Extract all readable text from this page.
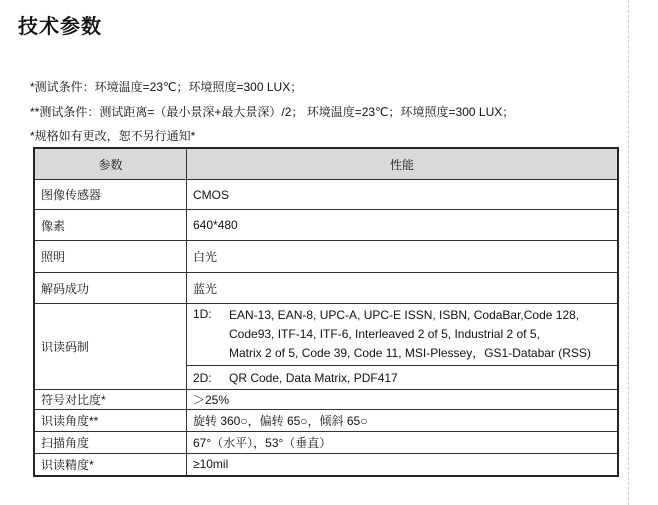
技术参数
*测试条件：环境温度=23℃；环境照度=300 LUX；
**测试条件：测试距离=（最小景深+最大景深）/2； 环境温度=23℃；环境照度=300 LUX；
*规格如有更改，恕不另行通知*
参数	性能
图像传感器	CMOS
像素	640*480
照明	白光
解码成功	蓝光
识读码制	1D: EAN-13, EAN-8, UPC-A, UPC-E ISSN, ISBN, CodaBar,Code 128,
Code93, ITF-14, ITF-6, Interleaved 2 of 5, Industrial 2 of 5,
Matrix 2 of 5, Code 39, Code 11, MSI-Plessey，GS1-Databar (RSS)

	2D: QR Code, Data Matrix, PDF417

符号对比度*	＞25%
识读角度**	旋转 360○，偏转 65○，倾斜 65○
扫描角度	67°（水平），53°（垂直）
识读精度*	≥10mil
